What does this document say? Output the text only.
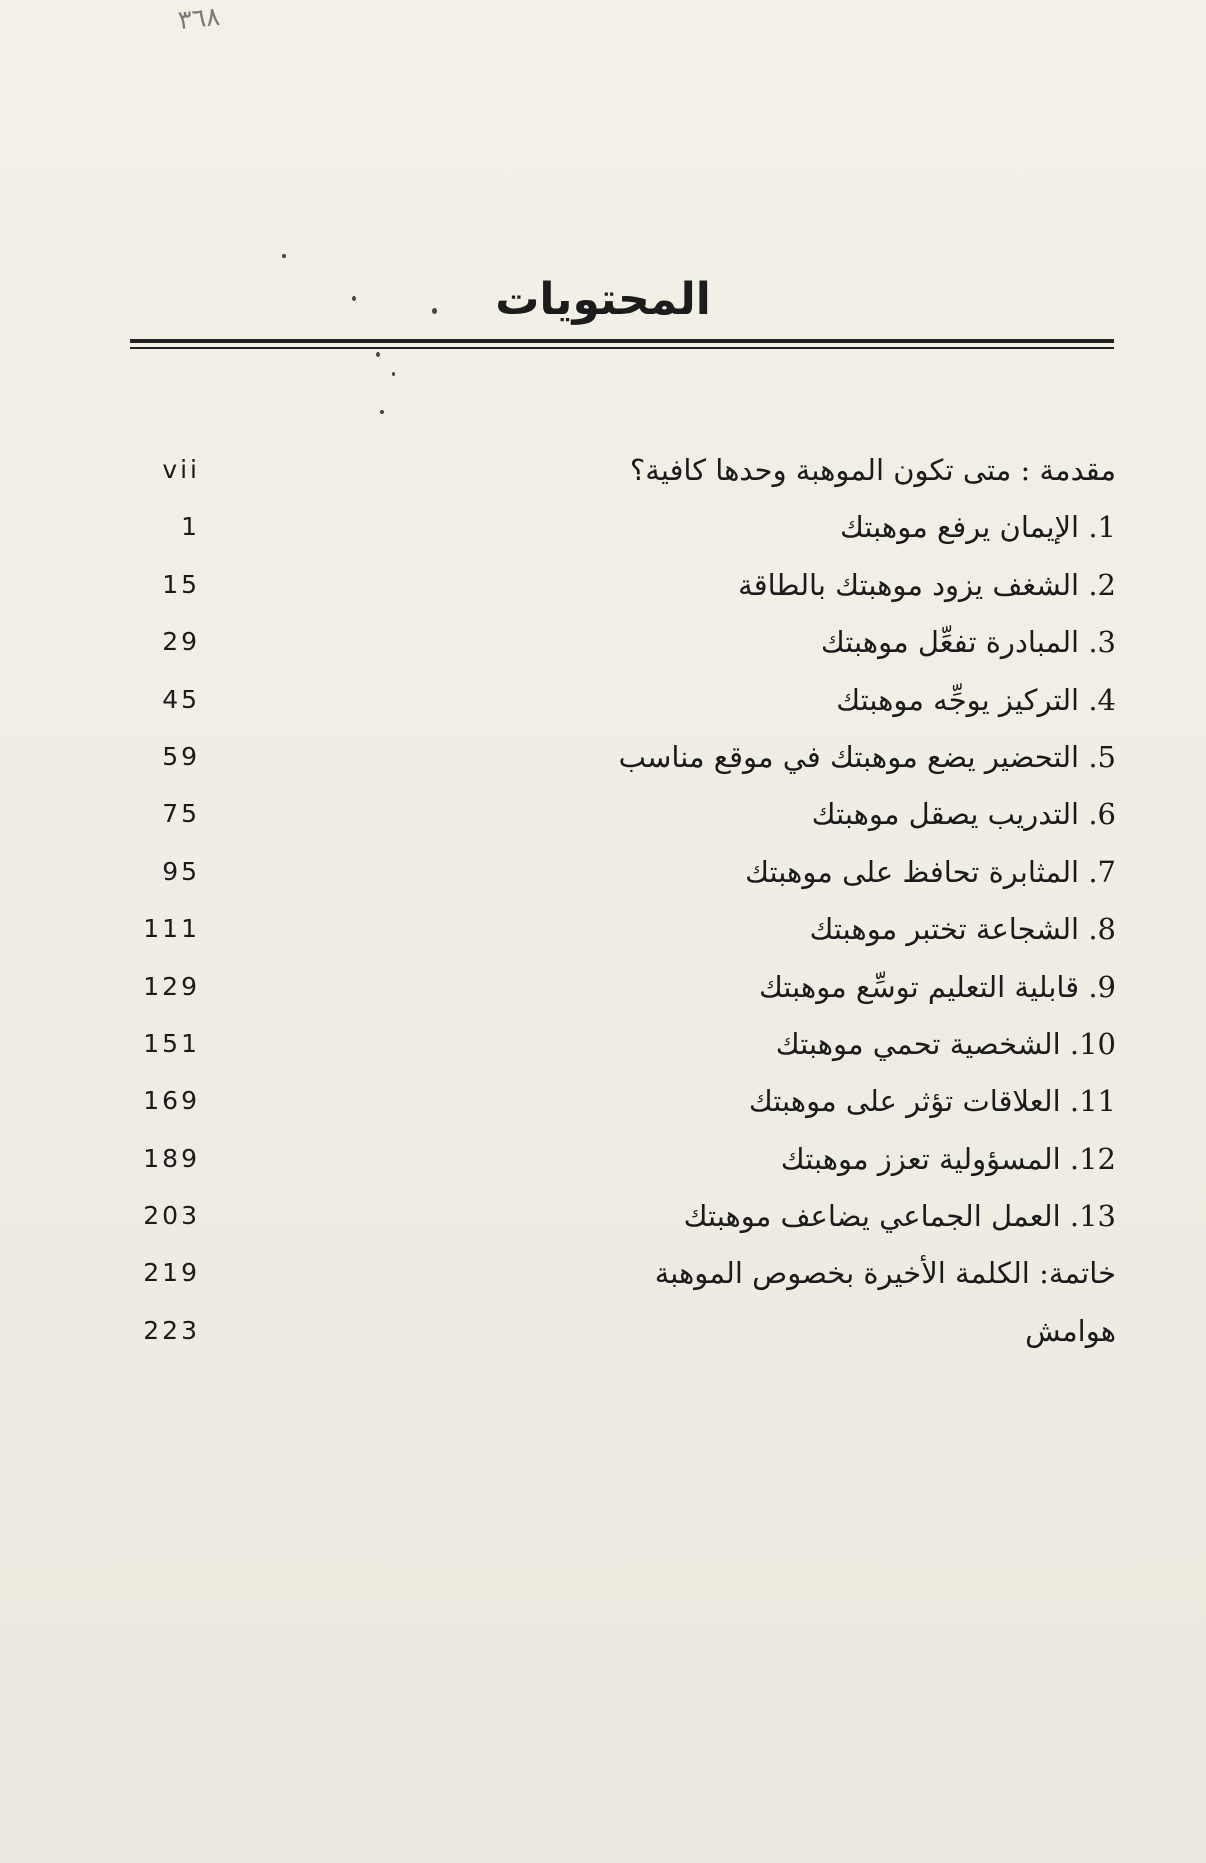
٣٦٨
المحتويات
مقدمة : متى تكون الموهبة وحدها كافية؟
vii
1. الإيمان يرفع موهبتك
1
2. الشغف يزود موهبتك بالطاقة
15
3. المبادرة تفعِّل موهبتك
29
4. التركيز يوجِّه موهبتك
45
5. التحضير يضع موهبتك في موقع مناسب
59
6. التدريب يصقل موهبتك
75
7. المثابرة تحافظ على موهبتك
95
8. الشجاعة تختبر موهبتك
111
9. قابلية التعليم توسِّع موهبتك
129
10. الشخصية تحمي موهبتك
151
11. العلاقات تؤثر على موهبتك
169
12. المسؤولية تعزز موهبتك
189
13. العمل الجماعي يضاعف موهبتك
203
خاتمة: الكلمة الأخيرة بخصوص الموهبة
219
هوامش
223
